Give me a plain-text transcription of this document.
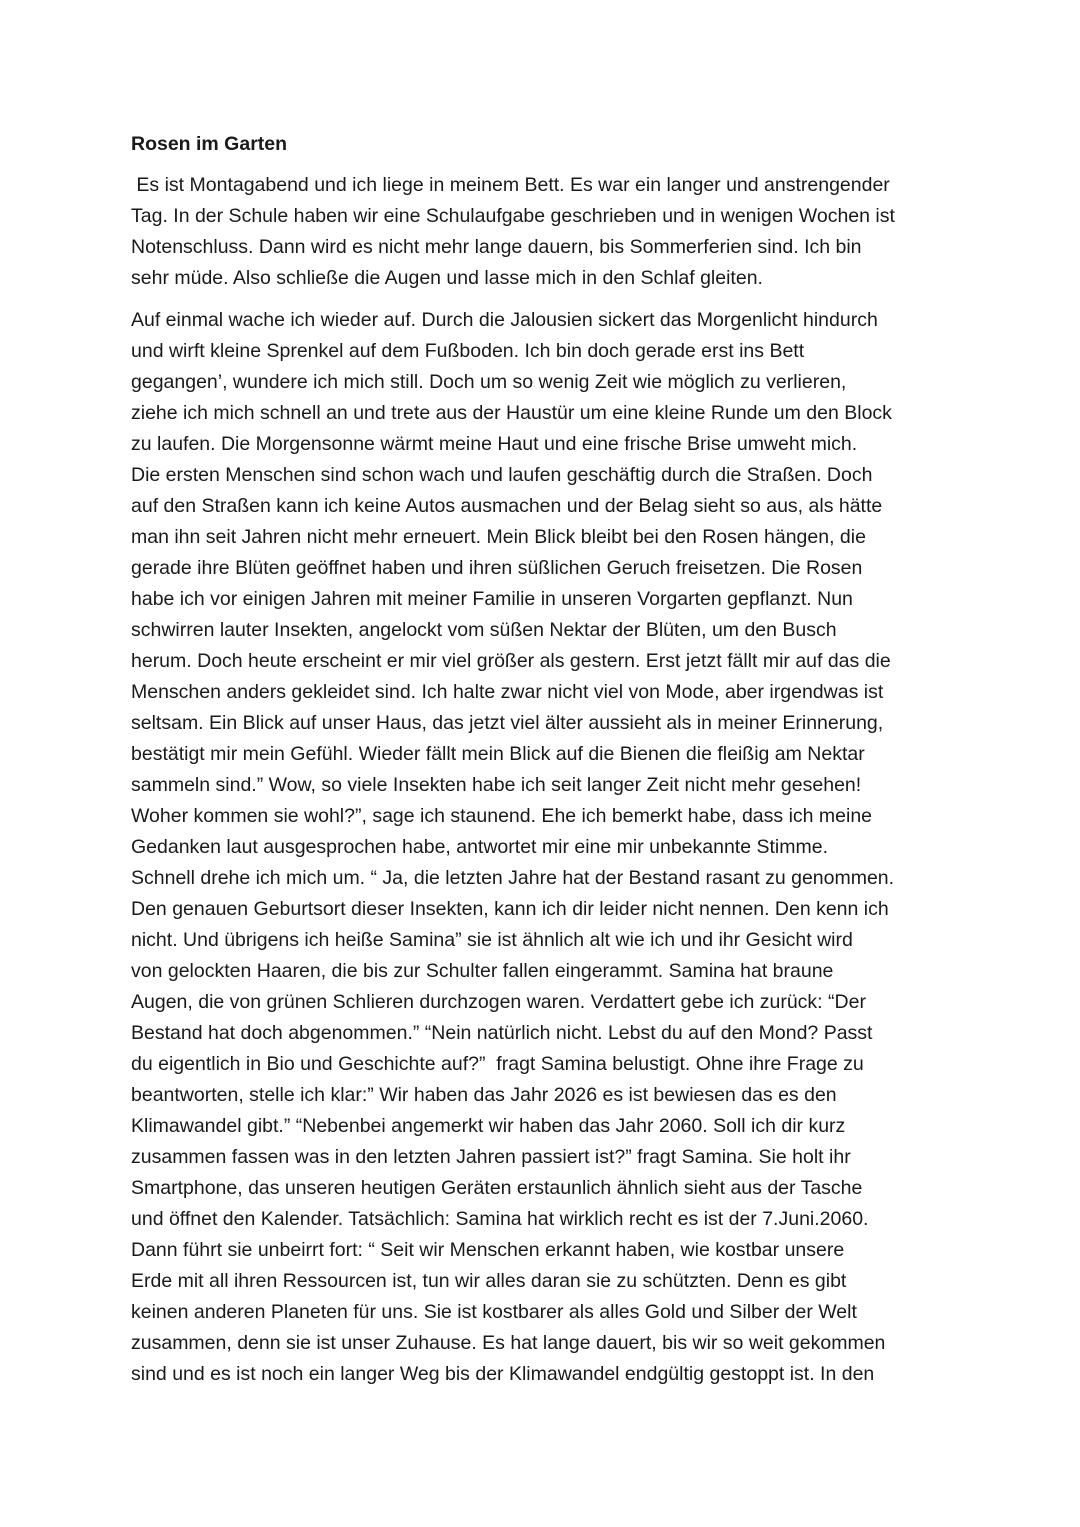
Rosen im Garten
Es ist Montagabend und ich liege in meinem Bett. Es war ein langer und anstrengender
Tag. In der Schule haben wir eine Schulaufgabe geschrieben und in wenigen Wochen ist
Notenschluss. Dann wird es nicht mehr lange dauern, bis Sommerferien sind. Ich bin
sehr müde. Also schließe die Augen und lasse mich in den Schlaf gleiten.
Auf einmal wache ich wieder auf. Durch die Jalousien sickert das Morgenlicht hindurch
und wirft kleine Sprenkel auf dem Fußboden. Ich bin doch gerade erst ins Bett
gegangen’, wundere ich mich still. Doch um so wenig Zeit wie möglich zu verlieren,
ziehe ich mich schnell an und trete aus der Haustür um eine kleine Runde um den Block
zu laufen. Die Morgensonne wärmt meine Haut und eine frische Brise umweht mich.
Die ersten Menschen sind schon wach und laufen geschäftig durch die Straßen. Doch
auf den Straßen kann ich keine Autos ausmachen und der Belag sieht so aus, als hätte
man ihn seit Jahren nicht mehr erneuert. Mein Blick bleibt bei den Rosen hängen, die
gerade ihre Blüten geöffnet haben und ihren süßlichen Geruch freisetzen. Die Rosen
habe ich vor einigen Jahren mit meiner Familie in unseren Vorgarten gepflanzt. Nun
schwirren lauter Insekten, angelockt vom süßen Nektar der Blüten, um den Busch
herum. Doch heute erscheint er mir viel größer als gestern. Erst jetzt fällt mir auf das die
Menschen anders gekleidet sind. Ich halte zwar nicht viel von Mode, aber irgendwas ist
seltsam. Ein Blick auf unser Haus, das jetzt viel älter aussieht als in meiner Erinnerung,
bestätigt mir mein Gefühl. Wieder fällt mein Blick auf die Bienen die fleißig am Nektar
sammeln sind.” Wow, so viele Insekten habe ich seit langer Zeit nicht mehr gesehen!
Woher kommen sie wohl?”, sage ich staunend. Ehe ich bemerkt habe, dass ich meine
Gedanken laut ausgesprochen habe, antwortet mir eine mir unbekannte Stimme.
Schnell drehe ich mich um. “ Ja, die letzten Jahre hat der Bestand rasant zu genommen.
Den genauen Geburtsort dieser Insekten, kann ich dir leider nicht nennen. Den kenn ich
nicht. Und übrigens ich heiße Samina” sie ist ähnlich alt wie ich und ihr Gesicht wird
von gelockten Haaren, die bis zur Schulter fallen eingerammt. Samina hat braune
Augen, die von grünen Schlieren durchzogen waren. Verdattert gebe ich zurück: “Der
Bestand hat doch abgenommen.” “Nein natürlich nicht. Lebst du auf den Mond? Passt
du eigentlich in Bio und Geschichte auf?”  fragt Samina belustigt. Ohne ihre Frage zu
beantworten, stelle ich klar:” Wir haben das Jahr 2026 es ist bewiesen das es den
Klimawandel gibt.” “Nebenbei angemerkt wir haben das Jahr 2060. Soll ich dir kurz
zusammen fassen was in den letzten Jahren passiert ist?” fragt Samina. Sie holt ihr
Smartphone, das unseren heutigen Geräten erstaunlich ähnlich sieht aus der Tasche
und öffnet den Kalender. Tatsächlich: Samina hat wirklich recht es ist der 7.Juni.2060.
Dann führt sie unbeirrt fort: “ Seit wir Menschen erkannt haben, wie kostbar unsere
Erde mit all ihren Ressourcen ist, tun wir alles daran sie zu schützten. Denn es gibt
keinen anderen Planeten für uns. Sie ist kostbarer als alles Gold und Silber der Welt
zusammen, denn sie ist unser Zuhause. Es hat lange dauert, bis wir so weit gekommen
sind und es ist noch ein langer Weg bis der Klimawandel endgültig gestoppt ist. In den
